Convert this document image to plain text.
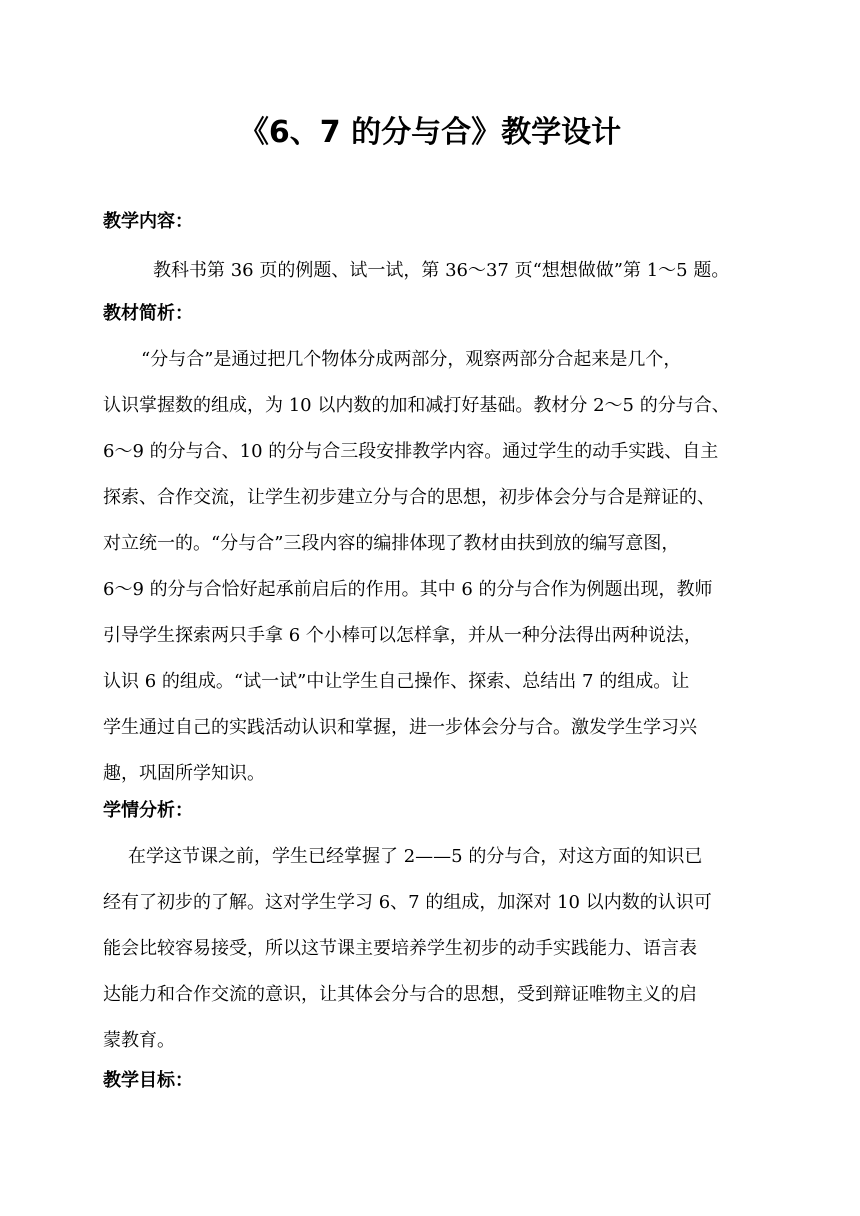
《6、7 的分与合》教学设计
教学内容：
教科书第 36 页的例题、试一试，第 36～37 页“想想做做”第 1～5 题。
教材简析：
“分与合”是通过把几个物体分成两部分，观察两部分合起来是几个，
认识掌握数的组成，为 10 以内数的加和减打好基础。教材分 2～5 的分与合、
6～9 的分与合、10 的分与合三段安排教学内容。通过学生的动手实践、自主
探索、合作交流，让学生初步建立分与合的思想，初步体会分与合是辩证的、
对立统一的。“分与合”三段内容的编排体现了教材由扶到放的编写意图，
6～9 的分与合恰好起承前启后的作用。其中 6 的分与合作为例题出现，教师
引导学生探索两只手拿 6 个小棒可以怎样拿，并从一种分法得出两种说法，
认识 6 的组成。“试一试”中让学生自己操作、探索、总结出 7 的组成。让
学生通过自己的实践活动认识和掌握，进一步体会分与合。激发学生学习兴
趣，巩固所学知识。
学情分析：
在学这节课之前，学生已经掌握了 2——5 的分与合，对这方面的知识已
经有了初步的了解。这对学生学习 6、7 的组成，加深对 10 以内数的认识可
能会比较容易接受，所以这节课主要培养学生初步的动手实践能力、语言表
达能力和合作交流的意识，让其体会分与合的思想，受到辩证唯物主义的启
蒙教育。
教学目标：
